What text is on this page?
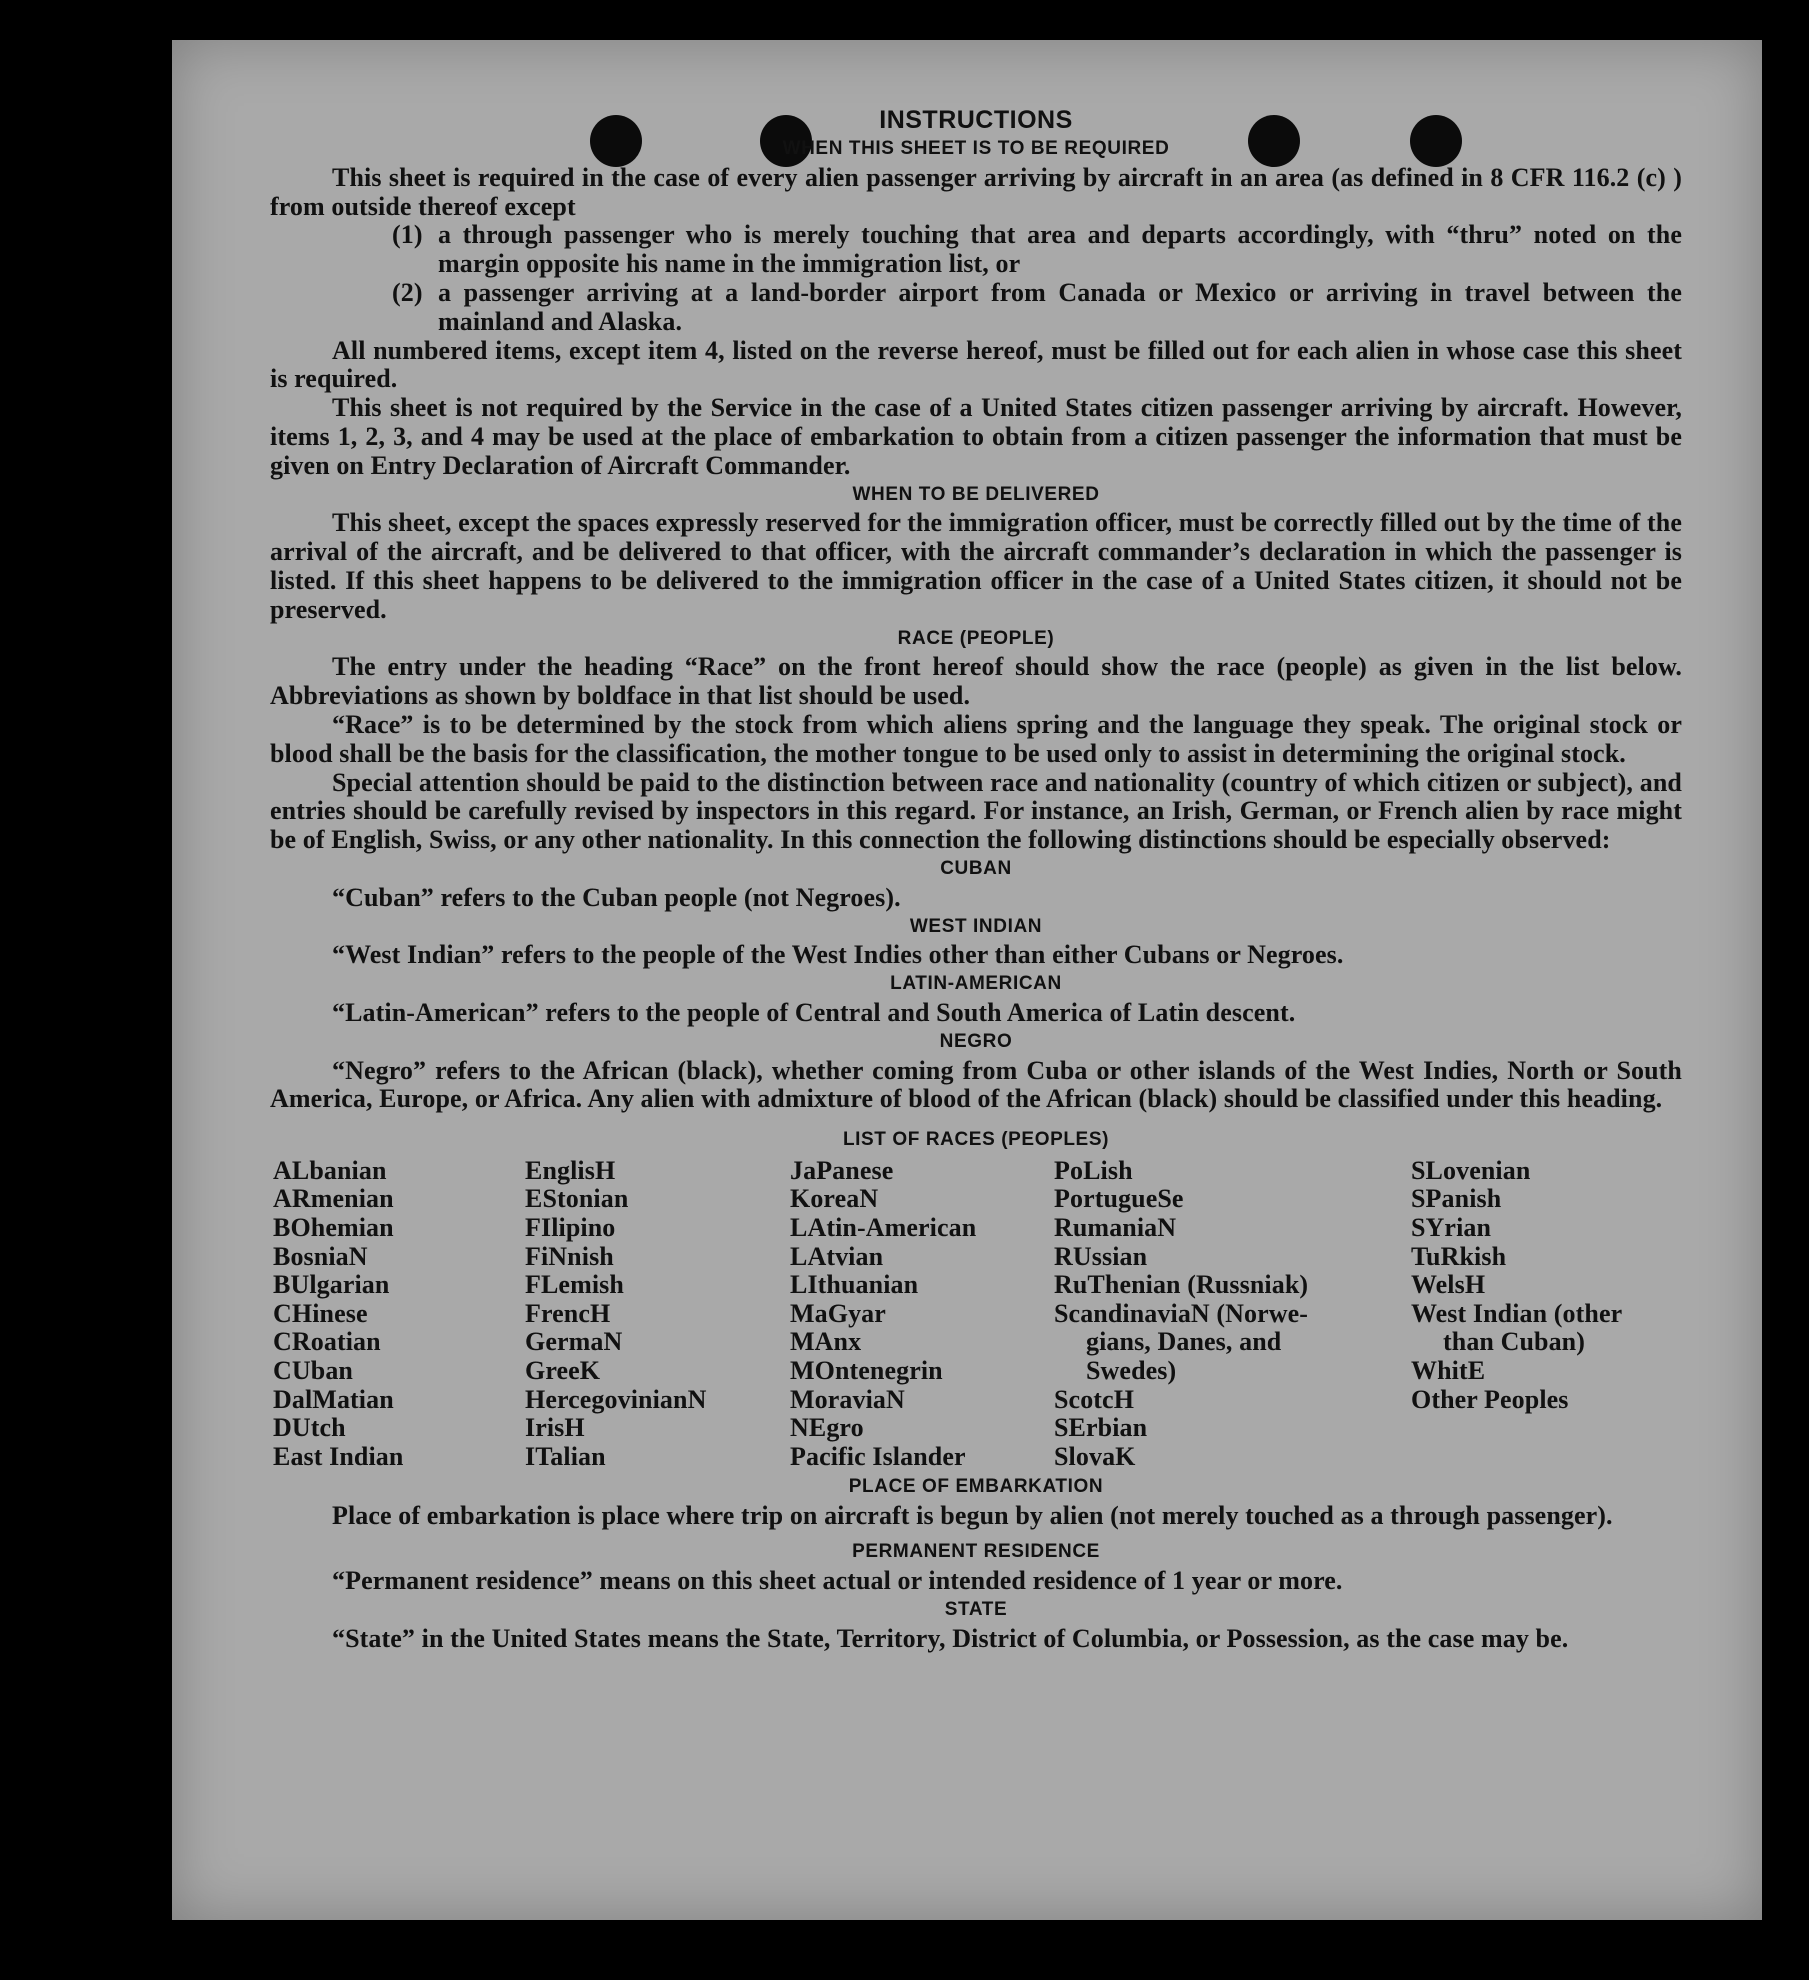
INSTRUCTIONS
WHEN THIS SHEET IS TO BE REQUIRED

This sheet is required in the case of every alien passenger arriving by aircraft in an area (as defined in 8 CFR 116.2 (c) ) from outside thereof except

(1) a through passenger who is merely touching that area and departs accordingly, with “thru” noted on the margin opposite his name in the immigration list, or
(2) a passenger arriving at a land-border airport from Canada or Mexico or arriving in travel between the mainland and Alaska.

All numbered items, except item 4, listed on the reverse hereof, must be filled out for each alien in whose case this sheet is required.

This sheet is not required by the Service in the case of a United States citizen passenger arriving by aircraft. However, items 1, 2, 3, and 4 may be used at the place of embarkation to obtain from a citizen passenger the information that must be given on Entry Declaration of Aircraft Commander.

WHEN TO BE DELIVERED

This sheet, except the spaces expressly reserved for the immigration officer, must be correctly filled out by the time of the arrival of the aircraft, and be delivered to that officer, with the aircraft commander’s declaration in which the passenger is listed. If this sheet happens to be delivered to the immigration officer in the case of a United States citizen, it should not be preserved.

RACE (PEOPLE)

The entry under the heading “Race” on the front hereof should show the race (people) as given in the list below. Abbreviations as shown by boldface in that list should be used.

“Race” is to be determined by the stock from which aliens spring and the language they speak. The original stock or blood shall be the basis for the classification, the mother tongue to be used only to assist in determining the original stock.

Special attention should be paid to the distinction between race and nationality (country of which citizen or subject), and entries should be carefully revised by inspectors in this regard. For instance, an Irish, German, or French alien by race might be of English, Swiss, or any other nationality. In this connection the following distinctions should be especially observed:

CUBAN

“Cuban” refers to the Cuban people (not Negroes).

WEST INDIAN

“West Indian” refers to the people of the West Indies other than either Cubans or Negroes.

LATIN-AMERICAN

“Latin-American” refers to the people of Central and South America of Latin descent.

NEGRO

“Negro” refers to the African (black), whether coming from Cuba or other islands of the West Indies, North or South America, Europe, or Africa. Any alien with admixture of blood of the African (black) should be classified under this heading.

LIST OF RACES (PEOPLES)
ALbanian
ARmenian
BOhemian
BosniaN
BUlgarian
CHinese
CRoatian
CUban
DalMatian
DUtch
East Indian
EnglisH
EStonian
FIlipino
FiNnish
FLemish
FrencH
GermaN
GreeK
HercegovinianN
IrisH
ITalian
JaPanese
KoreaN
LAtin-American
LAtvian
LIthuanian
MaGyar
MAnx
MOntenegrin
MoraviaN
NEgro
Pacific Islander
PoLish
PortugueSe
RumaniaN
RUssian
RuThenian (Russniak)
ScandinaviaN (Norwe-
gians, Danes, and
Swedes)
ScotcH
SErbian
SlovaK
SLovenian
SPanish
SYrian
TuRkish
WelsH
West Indian (other
than Cuban)
WhitE
Other Peoples
PLACE OF EMBARKATION

Place of embarkation is place where trip on aircraft is begun by alien (not merely touched as a through passenger).

PERMANENT RESIDENCE

“Permanent residence” means on this sheet actual or intended residence of 1 year or more.

STATE

“State” in the United States means the State, Territory, District of Columbia, or Possession, as the case may be.
